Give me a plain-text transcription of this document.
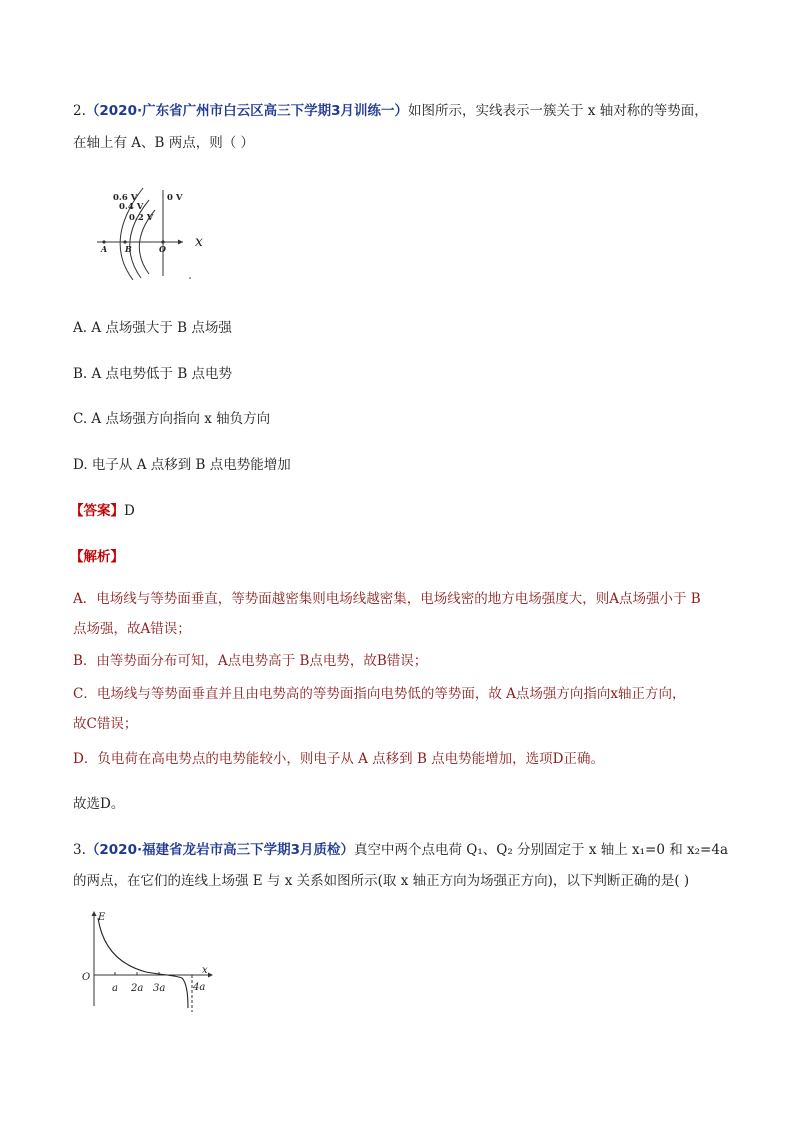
2.（2020·广东省广州市白云区高三下学期3月训练一）如图所示，实线表示一簇关于 x 轴对称的等势面，
在轴上有 A、B 两点，则（ ）
0.6 V
0.4 V
0.2 V
0 V
A B	O x
A. A 点场强大于 B 点场强
B. A 点电势低于 B 点电势
C. A 点场强方向指向 x 轴负方向
D. 电子从 A 点移到 B 点电势能增加
【答案】D
【解析】
A．电场线与等势面垂直，等势面越密集则电场线越密集，电场线密的地方电场强度大，则A点场强小于 B
点场强，故A错误；
B．由等势面分布可知，A点电势高于 B点电势，故B错误；
C．电场线与等势面垂直并且由电势高的等势面指向电势低的等势面，故 A点场强方向指向x轴正方向，
故C错误；
D．负电荷在高电势点的电势能较小，则电子从 A 点移到 B 点电势能增加，选项D正确。
故选D。
3.（2020·福建省龙岩市高三下学期3月质检）真空中两个点电荷 Q₁、Q₂ 分别固定于 x 轴上 x₁=0 和 x₂=4a
的两点，在它们的连线上场强 E 与 x 关系如图所示(取 x 轴正方向为场强正方向)，以下判断正确的是( )
E
x
O
a 2a 3a	4a
